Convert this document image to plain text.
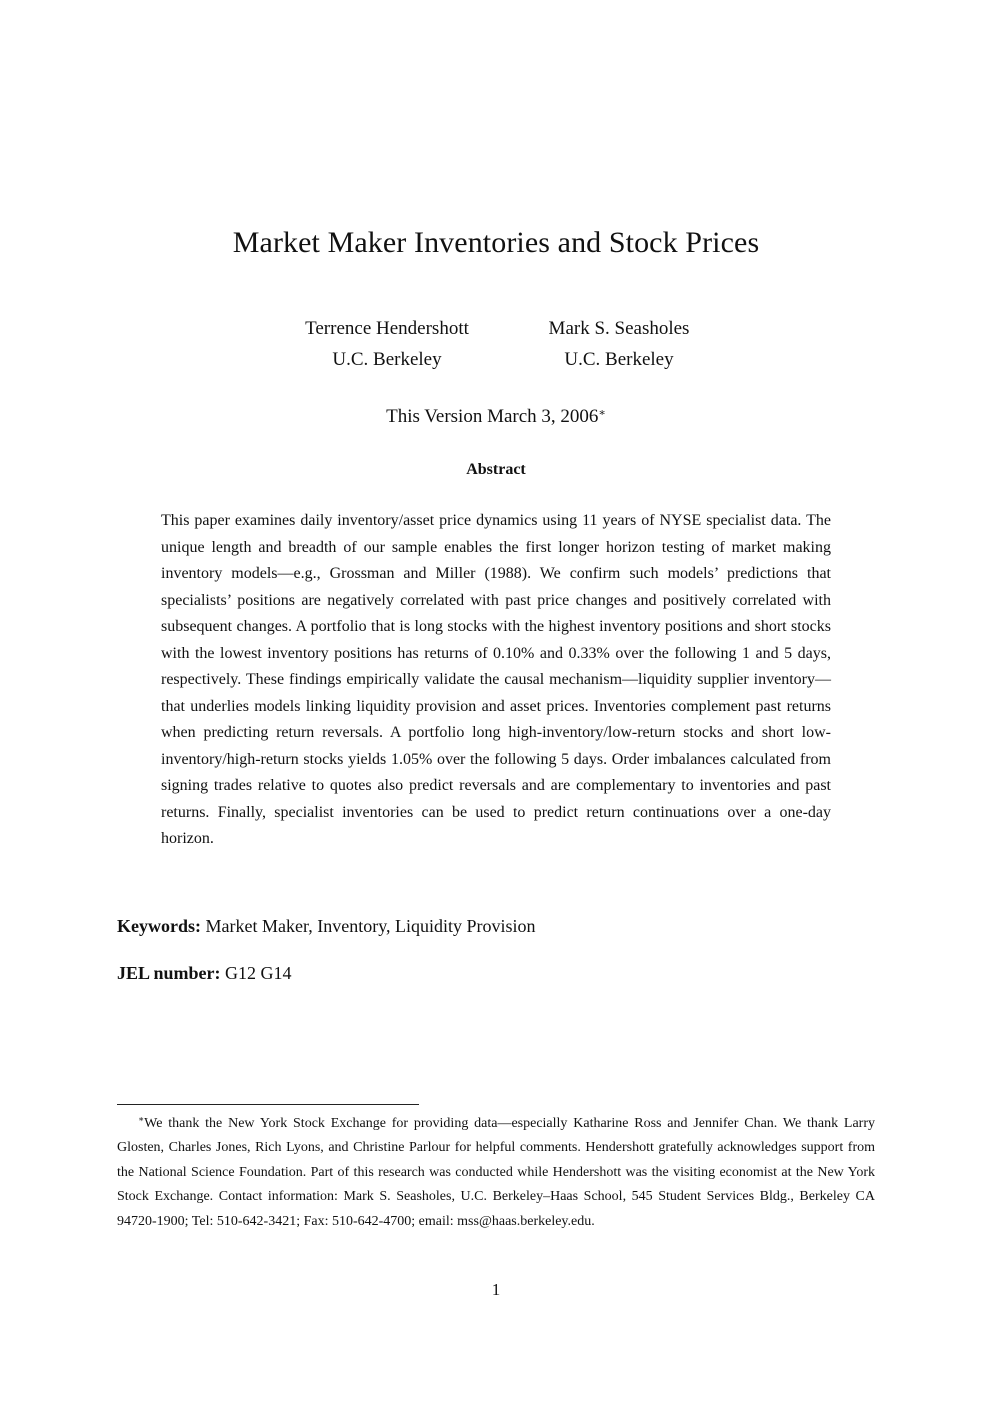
Market Maker Inventories and Stock Prices
Terrence Hendershott
U.C. Berkeley
Mark S. Seasholes
U.C. Berkeley
This Version March 3, 2006∗
Abstract

This paper examines daily inventory/asset price dynamics using 11 years of NYSE specialist data. The unique length and breadth of our sample enables the first longer horizon testing of market making inventory models—e.g., Grossman and Miller (1988). We confirm such models’ predictions that specialists’ positions are negatively correlated with past price changes and positively correlated with subsequent changes. A portfolio that is long stocks with the highest inventory positions and short stocks with the lowest inventory positions has returns of 0.10% and 0.33% over the following 1 and 5 days, respectively. These findings empirically validate the causal mechanism—liquidity supplier inventory—that underlies models linking liquidity provision and asset prices. Inventories complement past returns when predicting return reversals. A portfolio long high-inventory/low-return stocks and short low-inventory/high-return stocks yields 1.05% over the following 5 days. Order imbalances calculated from signing trades relative to quotes also predict reversals and are complementary to inventories and past returns. Finally, specialist inventories can be used to predict return continuations over a one-day horizon.

Keywords: Market Maker, Inventory, Liquidity Provision
JEL number: G12 G14

∗We thank the New York Stock Exchange for providing data—especially Katharine Ross and Jennifer Chan. We thank Larry Glosten, Charles Jones, Rich Lyons, and Christine Parlour for helpful comments. Hendershott gratefully acknowledges support from the National Science Foundation. Part of this research was conducted while Hendershott was the visiting economist at the New York Stock Exchange. Contact information: Mark S. Seasholes, U.C. Berkeley–Haas School, 545 Student Services Bldg., Berkeley CA 94720-1900; Tel: 510-642-3421; Fax: 510-642-4700; email: mss@haas.berkeley.edu.

1
